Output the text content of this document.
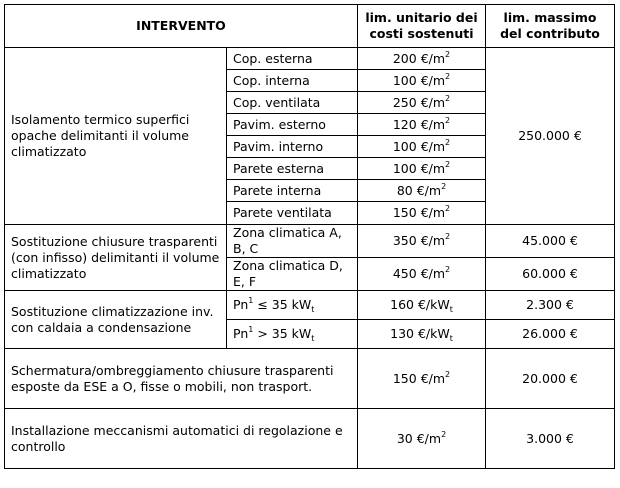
INTERVENTO		lim. unitario dei costi sostenuti	lim. massimo del contributo
Isolamento termico superfici opache delimitanti il volume climatizzato	Cop. esterna	200 $€/m^2$	250.000 €
	Cop. interna	100 $€/m^2$
	Cop. ventilata	250 $€/m^2$
	Pavim. esterno	120 $€/m^2$
	Pavim. interno	100 $€/m^2$
	Parete esterna	100 $€/m^2$
	Parete interna	80 $€/m^2$
	Parete ventilata	150 $€/m^2$
Sostituzione chiusure trasparenti (con infisso) delimitanti il volume climatizzato	Zona climatica A, B, C	350 $€/m^2$	45.000 €
	Zona climatica D, E, F	450 $€/m^2$	60.000 €
Sostituzione climatizzazione inv. con caldaia a condensazione	$Pn^1 \le 35$ $kW_t$	160 $€/kW_t$	2.300 €
	$Pn^1 > 35$ $kW_t$	130 $€/kW_t$	26.000 €
Schermatura/ombreggiamento chiusure trasparenti esposte da ESE a O, fisse o mobili, non trasport.		150 $€/m^2$	20.000 €
Installazione meccanismi automatici di regolazione e controllo		30 $€/m^2$	3.000 €
